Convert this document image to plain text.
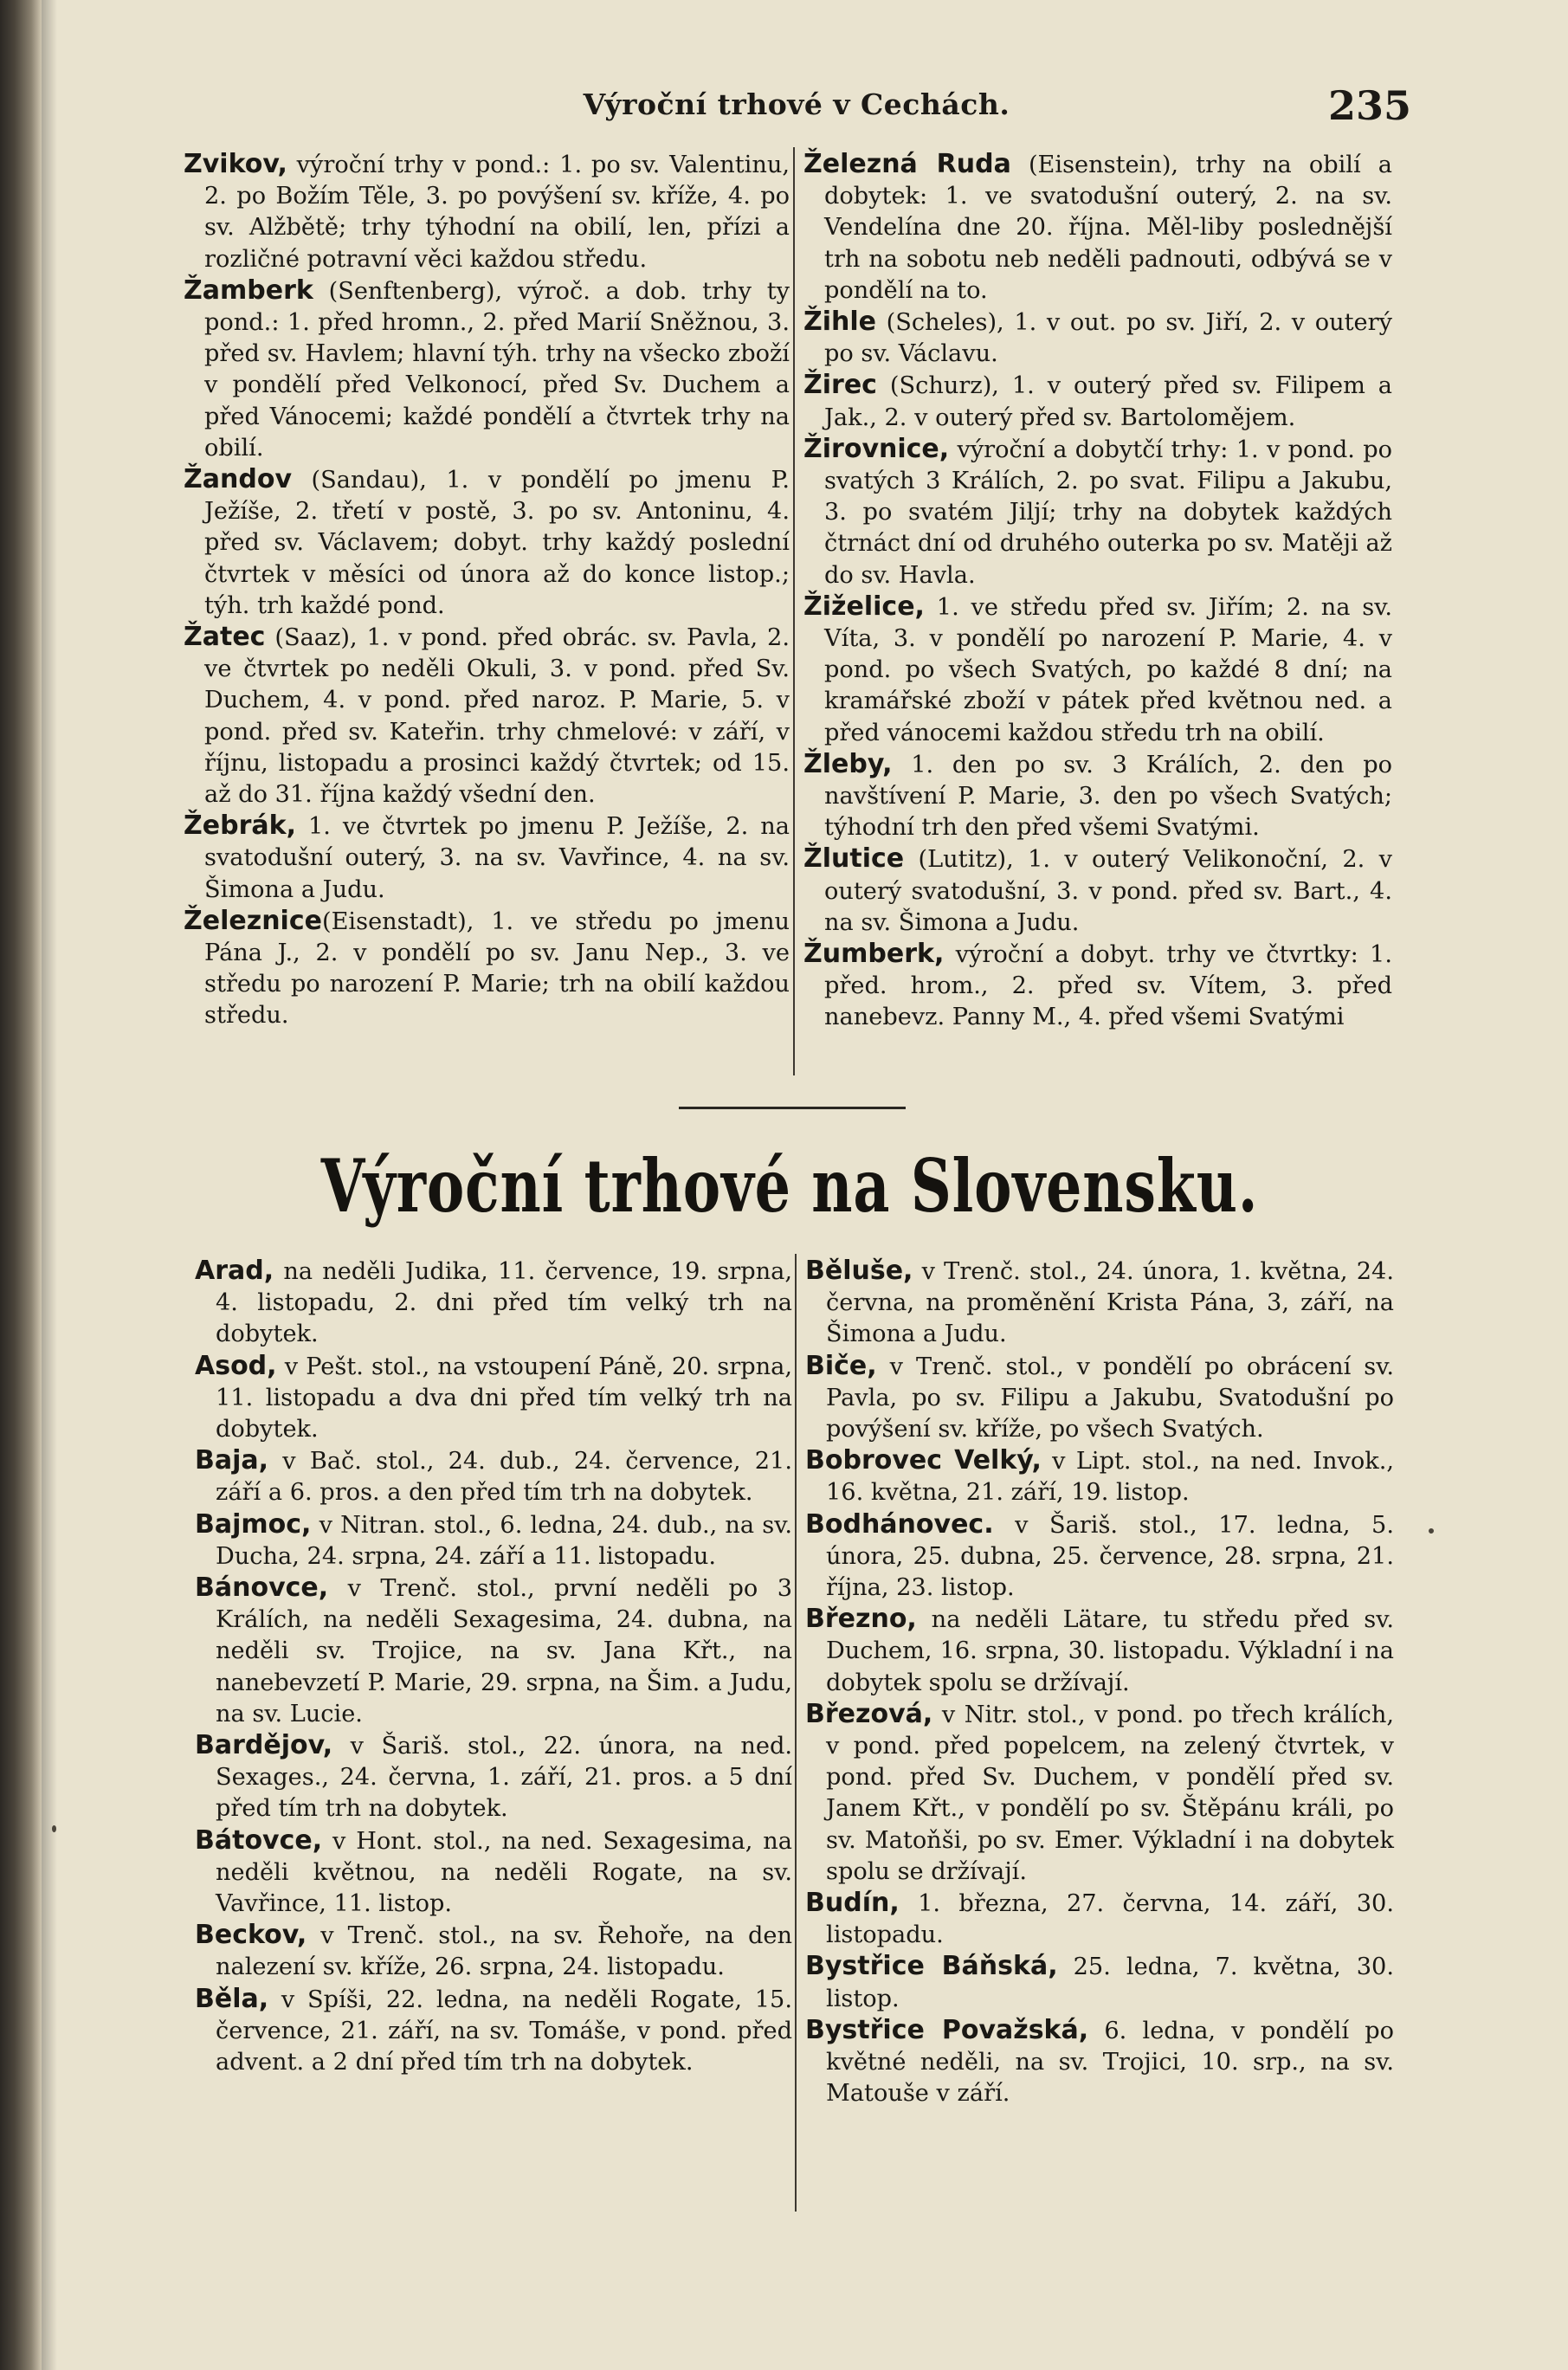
Výroční trhové v Cechách.	235

Zvikov, výroční trhy v pond.: 1. po sv. Valentinu, 2. po Božím Těle, 3. po povýšení sv. kříže, 4. po sv. Alžbětě; trhy týhodní na obilí, len, přízi a rozličné potravní věci každou středu.

Žamberk (Senftenberg), výroč. a dob. trhy ty pond.: 1. před hromn., 2. před Marií Sněžnou, 3. před sv. Havlem; hlavní týh. trhy na všecko zboží v pondělí před Velkonocí, před Sv. Duchem a před Vánocemi; každé pondělí a čtvrtek trhy na obilí.

Žandov (Sandau), 1. v pondělí po jmenu P. Ježíše, 2. třetí v postě, 3. po sv. Antoninu, 4. před sv. Václavem; dobyt. trhy každý poslední čtvrtek v měsíci od února až do konce listop.; týh. trh každé pond.

Žatec (Saaz), 1. v pond. před obrác. sv. Pavla, 2. ve čtvrtek po neděli Okuli, 3. v pond. před Sv. Duchem, 4. v pond. před naroz. P. Marie, 5. v pond. před sv. Kateřin. trhy chmelové: v září, v říjnu, listopadu a prosinci každý čtvrtek; od 15. až do 31. října každý všední den.

Žebrák, 1. ve čtvrtek po jmenu P. Ježíše, 2. na svatodušní outerý, 3. na sv. Vavřince, 4. na sv. Šimona a Judu.

Železnice(Eisenstadt), 1. ve středu po jmenu Pána J., 2. v pondělí po sv. Janu Nep., 3. ve středu po narození P. Marie; trh na obilí každou středu.

Železná Ruda (Eisenstein), trhy na obilí a dobytek: 1. ve svatodušní outerý, 2. na sv. Vendelína dne 20. října. Měl-liby poslednější trh na sobotu neb neděli padnouti, odbývá se v pondělí na to.

Žihle (Scheles), 1. v out. po sv. Jiří, 2. v outerý po sv. Václavu.

Žirec (Schurz), 1. v outerý před sv. Filipem a Jak., 2. v outerý před sv. Bartolomějem.

Žirovnice, výroční a dobytčí trhy: 1. v pond. po svatých 3 Králích, 2. po svat. Filipu a Jakubu, 3. po svatém Jiljí; trhy na dobytek každých čtrnáct dní od druhého outerka po sv. Matěji až do sv. Havla.

Žiželice, 1. ve středu před sv. Jiřím; 2. na sv. Víta, 3. v pondělí po narození P. Marie, 4. v pond. po všech Svatých, po každé 8 dní; na kramářské zboží v pátek před květnou ned. a před vánocemi každou středu trh na obilí.

Žleby, 1. den po sv. 3 Králích, 2. den po navštívení P. Marie, 3. den po všech Svatých; týhodní trh den před všemi Svatými.

Žlutice (Lutitz), 1. v outerý Velikonoční, 2. v outerý svatodušní, 3. v pond. před sv. Bart., 4. na sv. Šimona a Judu.

Žumberk, výroční a dobyt. trhy ve čtvrtky: 1. před. hrom., 2. před sv. Vítem, 3. před nanebevz. Panny M., 4. před všemi Svatými

Výroční trhové na Slovensku.

Arad, na neděli Judika, 11. července, 19. srpna, 4. listopadu, 2. dni před tím velký trh na dobytek.

Asod, v Pešt. stol., na vstoupení Páně, 20. srpna, 11. listopadu a dva dni před tím velký trh na dobytek.

Baja, v Bač. stol., 24. dub., 24. července, 21. září a 6. pros. a den před tím trh na dobytek.

Bajmoc, v Nitran. stol., 6. ledna, 24. dub., na sv. Ducha, 24. srpna, 24. září a 11. listopadu.

Bánovce, v Trenč. stol., první neděli po 3 Králích, na neděli Sexagesima, 24. dubna, na neděli sv. Trojice, na sv. Jana Křt., na nanebevzetí P. Marie, 29. srpna, na Šim. a Judu, na sv. Lucie.

Bardějov, v Šariš. stol., 22. února, na ned. Sexages., 24. června, 1. září, 21. pros. a 5 dní před tím trh na dobytek.

Bátovce, v Hont. stol., na ned. Sexagesima, na neděli květnou, na neděli Rogate, na sv. Vavřince, 11. listop.

Beckov, v Trenč. stol., na sv. Řehoře, na den nalezení sv. kříže, 26. srpna, 24. listopadu.

Běla, v Spíši, 22. ledna, na neděli Rogate, 15. července, 21. září, na sv. Tomáše, v pond. před advent. a 2 dní před tím trh na dobytek.

Běluše, v Trenč. stol., 24. února, 1. května, 24. června, na proměnění Krista Pána, 3, září, na Šimona a Judu.

Biče, v Trenč. stol., v pondělí po obrácení sv. Pavla, po sv. Filipu a Jakubu, Svatodušní po povýšení sv. kříže, po všech Svatých.

Bobrovec Velký, v Lipt. stol., na ned. Invok., 16. května, 21. září, 19. listop.

Bodhánovec. v Šariš. stol., 17. ledna, 5. února, 25. dubna, 25. července, 28. srpna, 21. října, 23. listop.

Březno, na neděli Lätare, tu středu před sv. Duchem, 16. srpna, 30. listopadu. Výkladní i na dobytek spolu se držívají.

Březová, v Nitr. stol., v pond. po třech králích, v pond. před popelcem, na zelený čtvrtek, v pond. před Sv. Duchem, v pondělí před sv. Janem Křt., v pondělí po sv. Štěpánu králi, po sv. Matoňši, po sv. Emer. Výkladní i na dobytek spolu se držívají.

Budín, 1. března, 27. června, 14. září, 30. listopadu.

Bystřice Báňská, 25. ledna, 7. května, 30. listop.

Bystřice Považská, 6. ledna, v pondělí po květné neděli, na sv. Trojici, 10. srp., na sv. Matouše v září.
